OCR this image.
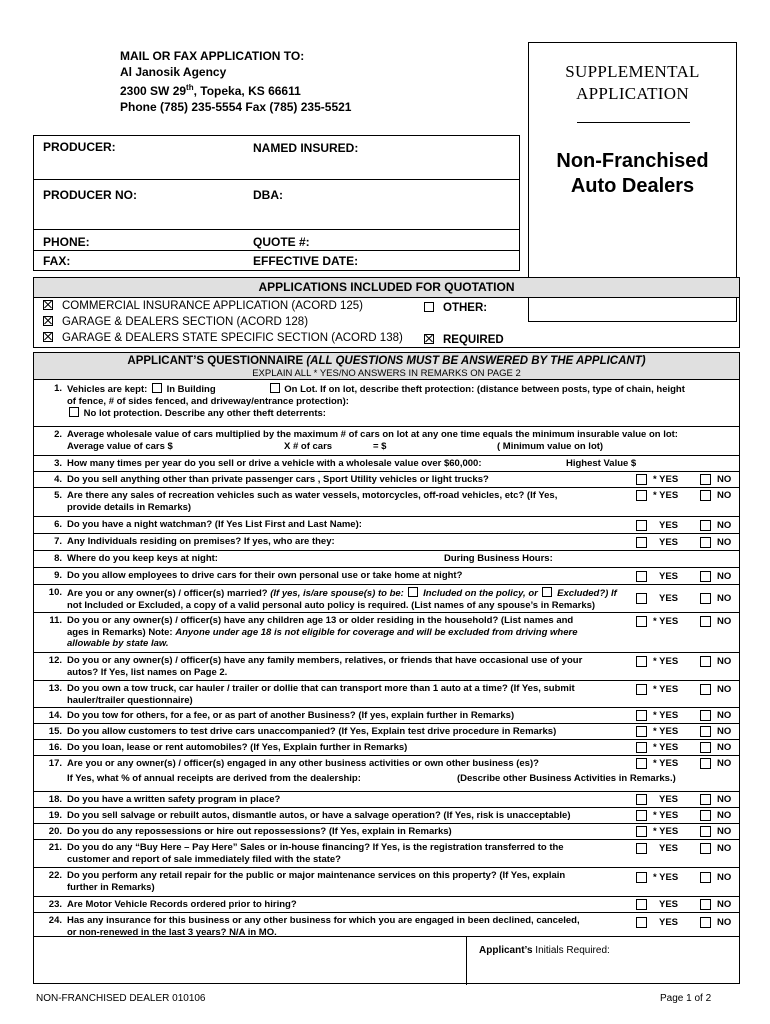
MAIL OR FAX APPLICATION TO:
Al Janosik Agency
2300 SW 29th, Topeka, KS 66611
Phone (785) 235-5554 Fax (785) 235-5521
SUPPLEMENTAL
APPLICATION
Non-Franchised
Auto Dealers
PRODUCER:	NAMED INSURED:
PRODUCER NO:	DBA:
PHONE:	QUOTE #:
FAX:	EFFECTIVE DATE:
APPLICATIONS INCLUDED FOR QUOTATION
COMMERCIAL INSURANCE APPLICATION (ACORD 125)
GARAGE & DEALERS SECTION (ACORD 128)
GARAGE & DEALERS STATE SPECIFIC SECTION (ACORD 138)
OTHER:
REQUIRED
APPLICANT’S QUESTIONNAIRE (ALL QUESTIONS MUST BE ANSWERED BY THE APPLICANT)
EXPLAIN ALL * YES/NO ANSWERS IN REMARKS ON PAGE 2
1. Vehicles are kept: In Building	On Lot. If on lot, describe theft protection: (distance between posts, type of chain, height
of fence, # of sides fenced, and driveway/entrance protection):
No lot protection. Describe any other theft deterrents:
2. Average wholesale value of cars multiplied by the maximum # of cars on lot at any one time equals the minimum insurable value on lot:
Average value of cars $	X # of cars	= $	( Minimum value on lot)
3. How many times per year do you sell or drive a vehicle with a wholesale value over $60,000:	Highest Value $
4. Do you sell anything other than private passenger cars , Sport Utility vehicles or light trucks?	* YES	NO
5. Are there any sales of recreation vehicles such as water vessels, motorcycles, off-road vehicles, etc? (If Yes,
provide details in Remarks)
* YES	NO
6. Do you have a night watchman? (If Yes List First and Last Name):	YES	NO
7. Any Individuals residing on premises? If yes, who are they:	YES	NO
8. Where do you keep keys at night:	During Business Hours:
9. Do you allow employees to drive cars for their own personal use or take home at night?	YES	NO
10. Are you or any owner(s) / officer(s) married? (If yes, is/are spouse(s) to be:  Included on the policy, or  Excluded?) If
not Included or Excluded, a copy of a valid personal auto policy is required. (List names of any spouse’s in Remarks)
YES	NO
11. Do you or any owner(s) / officer(s) have any children age 13 or older residing in the household? (List names and
ages in Remarks) Note: Anyone under age 18 is not eligible for coverage and will be excluded from driving where
allowable by state law.
* YES	NO
12. Do you or any owner(s) / officer(s) have any family members, relatives, or friends that have occasional use of your
autos? If Yes, list names on Page 2.
* YES	NO
13. Do you own a tow truck, car hauler / trailer or dollie that can transport more than 1 auto at a time? (If Yes, submit
hauler/trailer questionnaire)
* YES	NO
14. Do you tow for others, for a fee, or as part of another Business? (If yes, explain further in Remarks)	* YES	NO
15. Do you allow customers to test drive cars unaccompanied? (If Yes, Explain test drive procedure in Remarks)	* YES	NO
16. Do you loan, lease or rent automobiles? (If Yes, Explain further in Remarks)	* YES	NO
17. Are you or any owner(s) / officer(s) engaged in any other business activities or own other business (es)?
If Yes, what % of annual receipts are derived from the dealership:	(Describe other Business Activities in Remarks.)
* YES	NO
18. Do you have a written safety program in place?	YES	NO
19. Do you sell salvage or rebuilt autos, dismantle autos, or have a salvage operation? (If Yes, risk is unacceptable)	* YES	NO
20. Do you do any repossessions or hire out repossessions? (If Yes, explain in Remarks)	* YES	NO
21. Do you do any “Buy Here – Pay Here” Sales or in-house financing? If Yes, is the registration transferred to the
customer and report of sale immediately filed with the state?
YES	NO
22. Do you perform any retail repair for the public or major maintenance services on this property? (If Yes, explain
further in Remarks)
* YES	NO
23. Are Motor Vehicle Records ordered prior to hiring?	YES	NO
24. Has any insurance for this business or any other business for which you are engaged in been declined, canceled,
or non-renewed in the last 3 years? N/A in MO.
YES	NO
Applicant’s Initials Required:
NON-FRANCHISED DEALER 010106	Page 1 of 2
